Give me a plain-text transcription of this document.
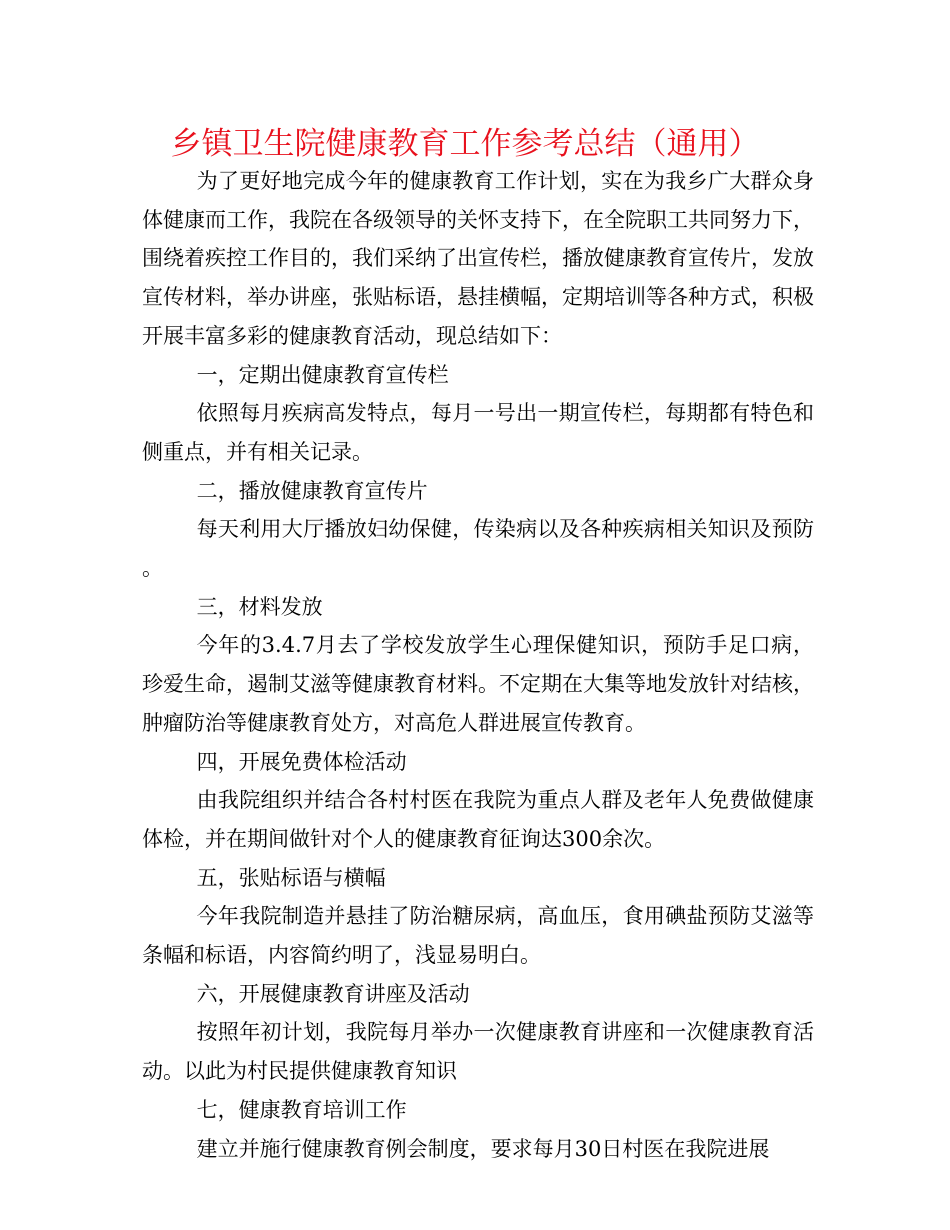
乡镇卫生院健康教育工作参考总结（通用）

为了更好地完成今年的健康教育工作计划，实在为我乡广大群众身体健康而工作，我院在各级领导的关怀支持下，在全院职工共同努力下，围绕着疾控工作目的，我们采纳了出宣传栏，播放健康教育宣传片，发放宣传材料，举办讲座，张贴标语，悬挂横幅，定期培训等各种方式，积极开展丰富多彩的健康教育活动，现总结如下：

一，定期出健康教育宣传栏

依照每月疾病高发特点，每月一号出一期宣传栏，每期都有特色和侧重点，并有相关记录。

二，播放健康教育宣传片

每天利用大厅播放妇幼保健，传染病以及各种疾病相关知识及预防。

三，材料发放

今年的3.4.7月去了学校发放学生心理保健知识，预防手足口病，珍爱生命，遏制艾滋等健康教育材料。不定期在大集等地发放针对结核，肿瘤防治等健康教育处方，对高危人群进展宣传教育。

四，开展免费体检活动

由我院组织并结合各村村医在我院为重点人群及老年人免费做健康体检，并在期间做针对个人的健康教育征询达300余次。

五，张贴标语与横幅

今年我院制造并悬挂了防治糖尿病，高血压，食用碘盐预防艾滋等条幅和标语，内容简约明了，浅显易明白。

六，开展健康教育讲座及活动

按照年初计划，我院每月举办一次健康教育讲座和一次健康教育活动。以此为村民提供健康教育知识

七，健康教育培训工作

建立并施行健康教育例会制度，要求每月30日村医在我院进展
